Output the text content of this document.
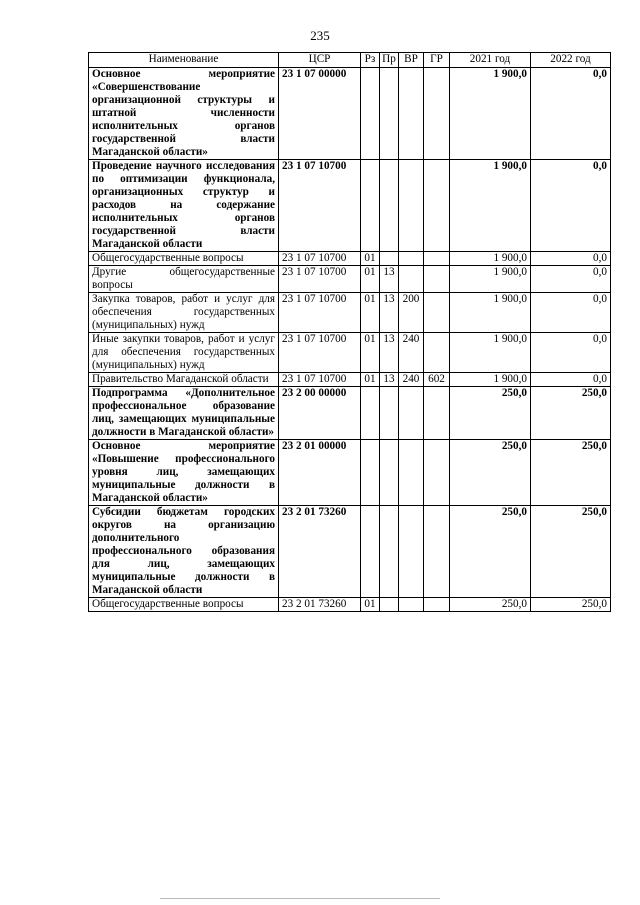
235
Наименование	ЦСР	Рз	Пр	ВР	ГР	2021 год	2022 год
Основное мероприятие «Совершенствование организационной структуры и штатной численности исполнительных органов государственной власти Магаданской области»	23 1 07 00000					1 900,0	0,0
Проведение научного исследования по оптимизации функционала, организационных структур и расходов на содержание исполнительных органов государственной власти Магаданской области	23 1 07 10700					1 900,0	0,0
Общегосударственные вопросы	23 1 07 10700	01				1 900,0	0,0
Другие общегосударственные вопросы	23 1 07 10700	01	13			1 900,0	0,0
Закупка товаров, работ и услуг для обеспечения государственных (муниципальных) нужд	23 1 07 10700	01	13	200		1 900,0	0,0
Иные закупки товаров, работ и услуг для обеспечения государственных (муниципальных) нужд	23 1 07 10700	01	13	240		1 900,0	0,0
Правительство Магаданской области	23 1 07 10700	01	13	240	602	1 900,0	0,0
Подпрограмма «Дополнительное профессиональное образование лиц, замещающих муниципальные должности в Магаданской области»	23 2 00 00000					250,0	250,0
Основное мероприятие «Повышение профессионального уровня лиц, замещающих муниципальные должности в Магаданской области»	23 2 01 00000					250,0	250,0
Субсидии бюджетам городских округов на организацию дополнительного профессионального образования для лиц, замещающих муниципальные должности в Магаданской области	23 2 01 73260					250,0	250,0
Общегосударственные вопросы	23 2 01 73260	01				250,0	250,0
